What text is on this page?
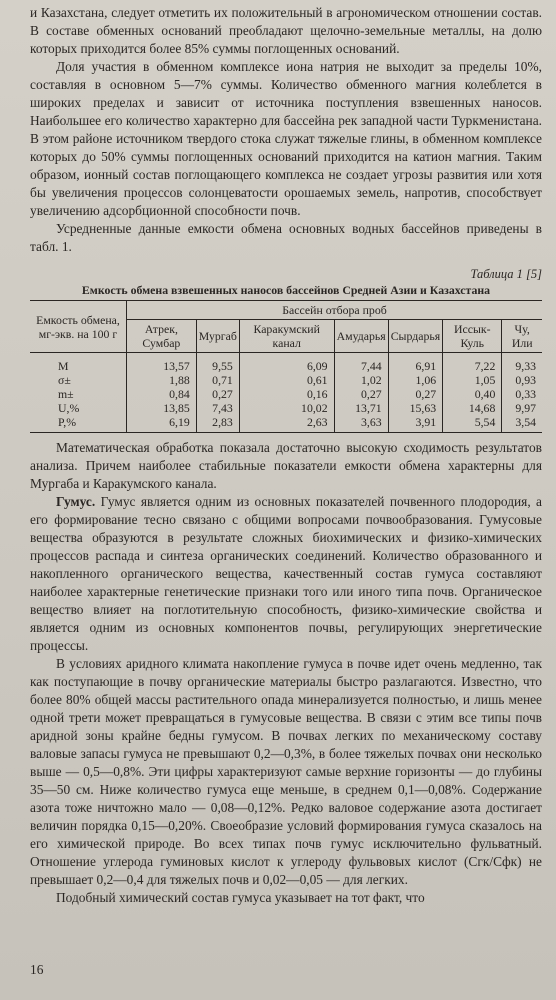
и Казахстана, следует отметить их положительный в агрономическом отношении состав. В составе обменных оснований преобладают щелочно-земельные металлы, на долю которых приходится более 85% суммы поглощенных оснований.

Доля участия в обменном комплексе иона натрия не выходит за пределы 10%, составляя в основном 5—7% суммы. Количество обменного магния колеблется в широких пределах и зависит от источника поступления взвешенных наносов. Наибольшее его количество характерно для бассейна рек западной части Туркменистана. В этом районе источником твердого стока служат тяжелые глины, в обменном комплексе которых до 50% суммы поглощенных оснований приходится на катион магния. Таким образом, ионный состав поглощающего комплекса не создает угрозы развития или хотя бы увеличения процессов солонцеватости орошаемых земель, напротив, способствует увеличению адсорбционной способности почв.

Усредненные данные емкости обмена основных водных бассейнов приведены в табл. 1.

Таблица 1 [5]
Емкость обмена взвешенных наносов бассейнов Средней Азии и Казахстана
Емкость обмена, мг-экв. на 100 г	Бассейн отбора проб						
	Атрек, Сумбар	Мургаб	Каракумский канал	Амударья	Сырдарья	Иссык-Куль	Чу, Или
M	13,57	9,55	6,09	7,44	6,91	7,22	9,33
σ±	1,88	0,71	0,61	1,02	1,06	1,05	0,93
m±	0,84	0,27	0,16	0,27	0,27	0,40	0,33
U,%	13,85	7,43	10,02	13,71	15,63	14,68	9,97
P,%	6,19	2,83	2,63	3,63	3,91	5,54	3,54

Математическая обработка показала достаточно высокую сходимость результатов анализа. Причем наиболее стабильные показатели емкости обмена характерны для Мургаба и Каракумского канала.

Гумус. Гумус является одним из основных показателей почвенного плодородия, а его формирование тесно связано с общими вопросами почвообразования. Гумусовые вещества образуются в результате сложных биохимических и физико-химических процессов распада и синтеза органических соединений. Количество образованного и накопленного органического вещества, качественный состав гумуса составляют наиболее характерные генетические признаки того или иного типа почв. Органическое вещество влияет на поглотительную способность, физико-химические свойства и является одним из основных компонентов почвы, регулирующих энергетические процессы.

В условиях аридного климата накопление гумуса в почве идет очень медленно, так как поступающие в почву органические материалы быстро разлагаются. Известно, что более 80% общей массы растительного опада минерализуется полностью, и лишь менее одной трети может превращаться в гумусовые вещества. В связи с этим все типы почв аридной зоны крайне бедны гумусом. В почвах легких по механическому составу валовые запасы гумуса не превышают 0,2—0,3%, в более тяжелых почвах они несколько выше — 0,5—0,8%. Эти цифры характеризуют самые верхние горизонты — до глубины 35—50 см. Ниже количество гумуса еще меньше, в среднем 0,1—0,08%. Содержание азота тоже ничтожно мало — 0,08—0,12%. Редко валовое содержание азота достигает величин порядка 0,15—0,20%. Своеобразие условий формирования гумуса сказалось на его химической природе. Во всех типах почв гумус исключительно фульватный. Отношение углерода гуминовых кислот к углероду фульвовых кислот (Cгк/Cфк) не превышает 0,2—0,4 для тяжелых почв и 0,02—0,05 — для легких.

Подобный химический состав гумуса указывает на тот факт, что

16
